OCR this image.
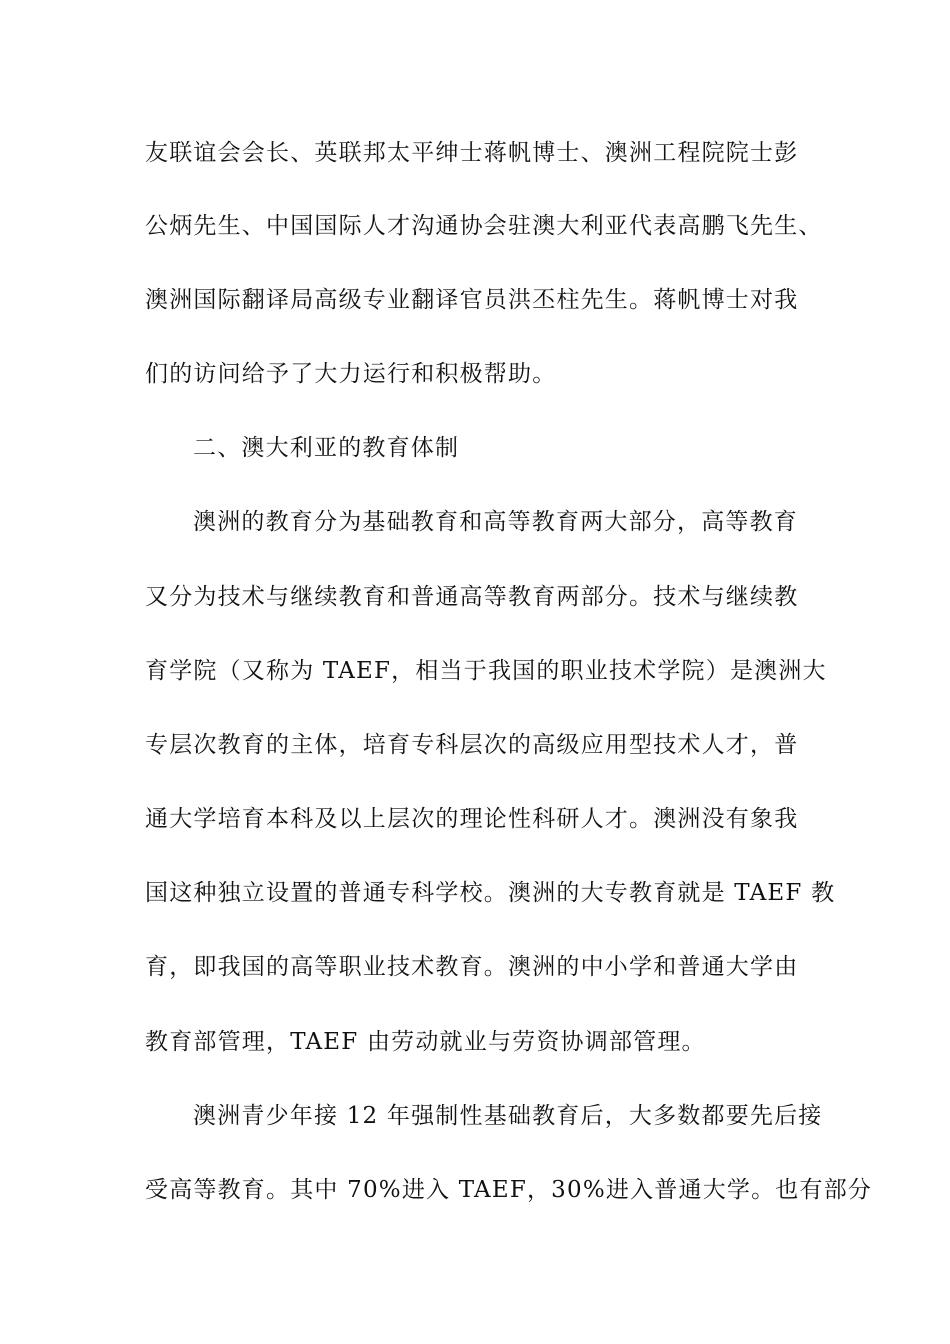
友联谊会会长、英联邦太平绅士蒋帆博士、澳洲工程院院士彭
公炳先生、中国国际人才沟通协会驻澳大利亚代表高鹏飞先生、
澳洲国际翻译局高级专业翻译官员洪丕柱先生。蒋帆博士对我
们的访问给予了大力运行和积极帮助。
二、澳大利亚的教育体制
澳洲的教育分为基础教育和高等教育两大部分，高等教育
又分为技术与继续教育和普通高等教育两部分。技术与继续教
育学院（又称为 TAEF，相当于我国的职业技术学院）是澳洲大
专层次教育的主体，培育专科层次的高级应用型技术人才，普
通大学培育本科及以上层次的理论性科研人才。澳洲没有象我
国这种独立设置的普通专科学校。澳洲的大专教育就是 TAEF 教
育，即我国的高等职业技术教育。澳洲的中小学和普通大学由
教育部管理，TAEF 由劳动就业与劳资协调部管理。
澳洲青少年接 12 年强制性基础教育后，大多数都要先后接
受高等教育。其中 70%进入 TAEF，30%进入普通大学。也有部分
